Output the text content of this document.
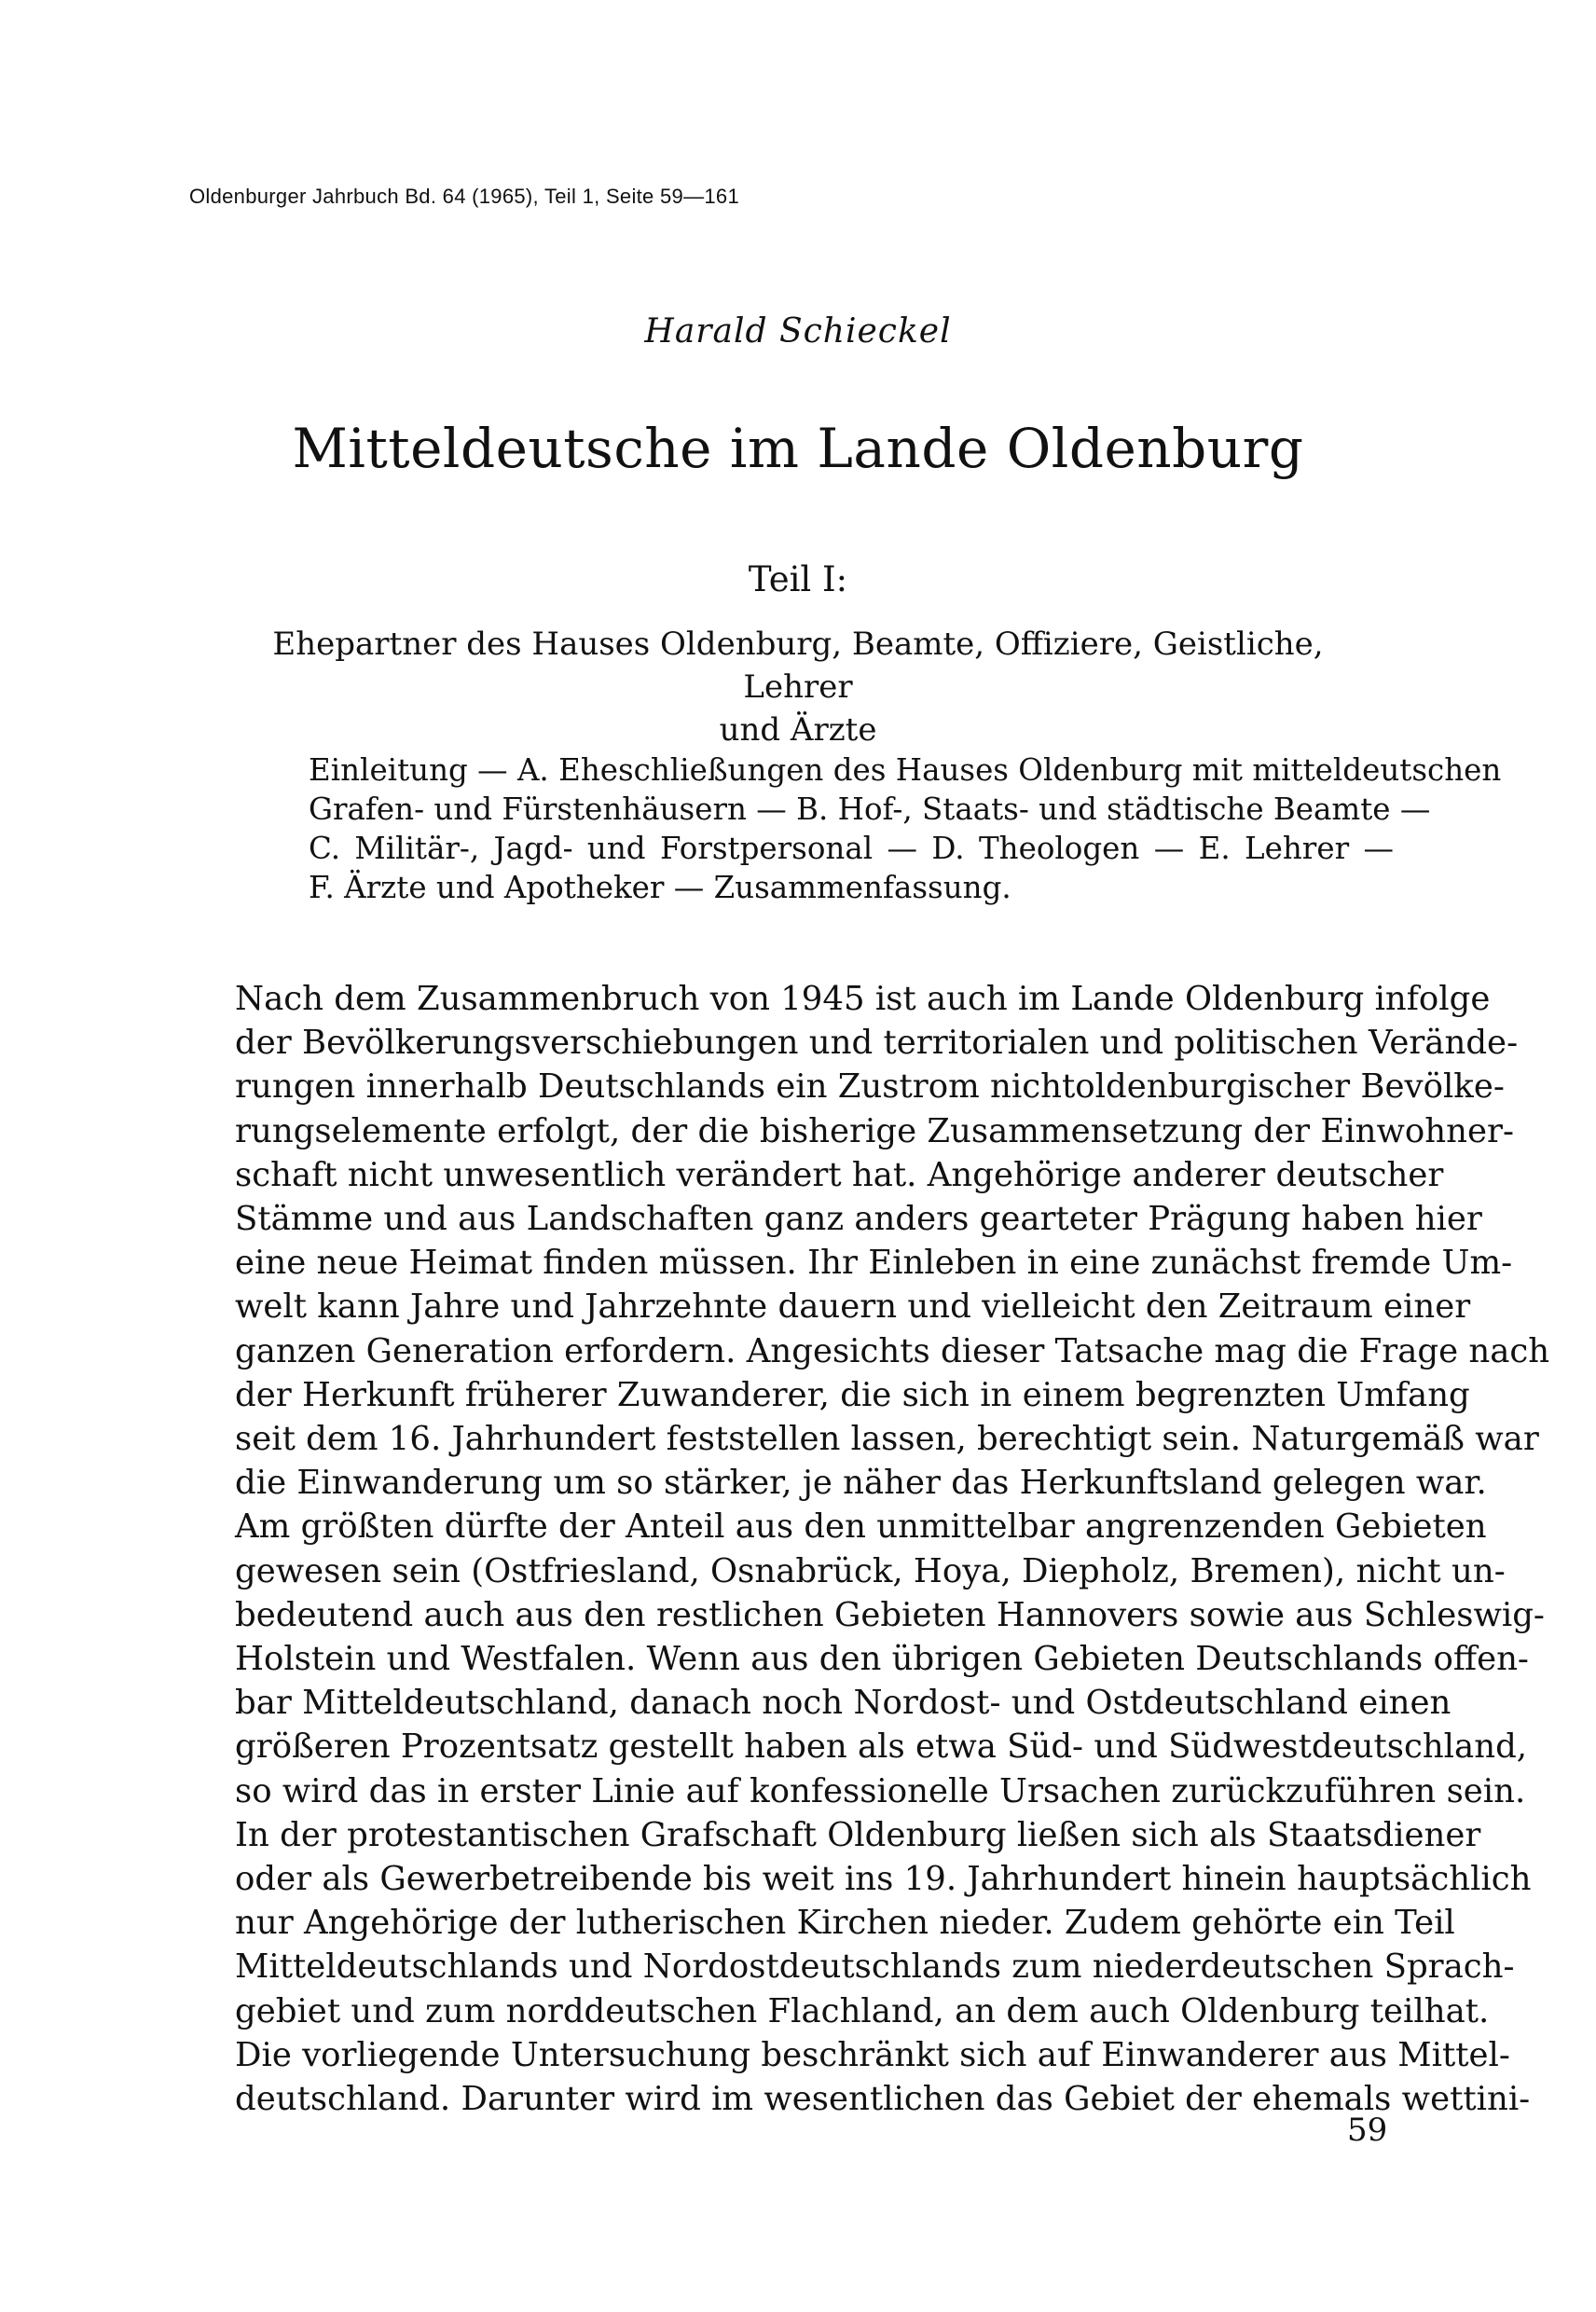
Oldenburger Jahrbuch Bd. 64 (1965), Teil 1, Seite 59—161
Harald Schieckel
Mitteldeutsche im Lande Oldenburg
Teil I:
Ehepartner des Hauses Oldenburg, Beamte, Offiziere, Geistliche, Lehrer
und Ärzte
Einleitung — A. Eheschließungen des Hauses Oldenburg mit mitteldeutschen
Grafen- und Fürstenhäusern — B. Hof-, Staats- und städtische Beamte —
C. Militär-, Jagd- und Forstpersonal — D. Theologen — E. Lehrer —
F. Ärzte und Apotheker — Zusammenfassung.
Nach dem Zusammenbruch von 1945 ist auch im Lande Oldenburg infolge
der Bevölkerungsverschiebungen und territorialen und politischen Verände-
rungen innerhalb Deutschlands ein Zustrom nichtoldenburgischer Bevölke-
rungselemente erfolgt, der die bisherige Zusammensetzung der Einwohner-
schaft nicht unwesentlich verändert hat. Angehörige anderer deutscher
Stämme und aus Landschaften ganz anders gearteter Prägung haben hier
eine neue Heimat finden müssen. Ihr Einleben in eine zunächst fremde Um-
welt kann Jahre und Jahrzehnte dauern und vielleicht den Zeitraum einer
ganzen Generation erfordern. Angesichts dieser Tatsache mag die Frage nach
der Herkunft früherer Zuwanderer, die sich in einem begrenzten Umfang
seit dem 16. Jahrhundert feststellen lassen, berechtigt sein. Naturgemäß war
die Einwanderung um so stärker, je näher das Herkunftsland gelegen war.
Am größten dürfte der Anteil aus den unmittelbar angrenzenden Gebieten
gewesen sein (Ostfriesland, Osnabrück, Hoya, Diepholz, Bremen), nicht un-
bedeutend auch aus den restlichen Gebieten Hannovers sowie aus Schleswig-
Holstein und Westfalen. Wenn aus den übrigen Gebieten Deutschlands offen-
bar Mitteldeutschland, danach noch Nordost- und Ostdeutschland einen
größeren Prozentsatz gestellt haben als etwa Süd- und Südwestdeutschland,
so wird das in erster Linie auf konfessionelle Ursachen zurückzuführen sein.
In der protestantischen Grafschaft Oldenburg ließen sich als Staatsdiener
oder als Gewerbetreibende bis weit ins 19. Jahrhundert hinein hauptsächlich
nur Angehörige der lutherischen Kirchen nieder. Zudem gehörte ein Teil
Mitteldeutschlands und Nordostdeutschlands zum niederdeutschen Sprach-
gebiet und zum norddeutschen Flachland, an dem auch Oldenburg teilhat.
Die vorliegende Untersuchung beschränkt sich auf Einwanderer aus Mittel-
deutschland. Darunter wird im wesentlichen das Gebiet der ehemals wettini-
59
